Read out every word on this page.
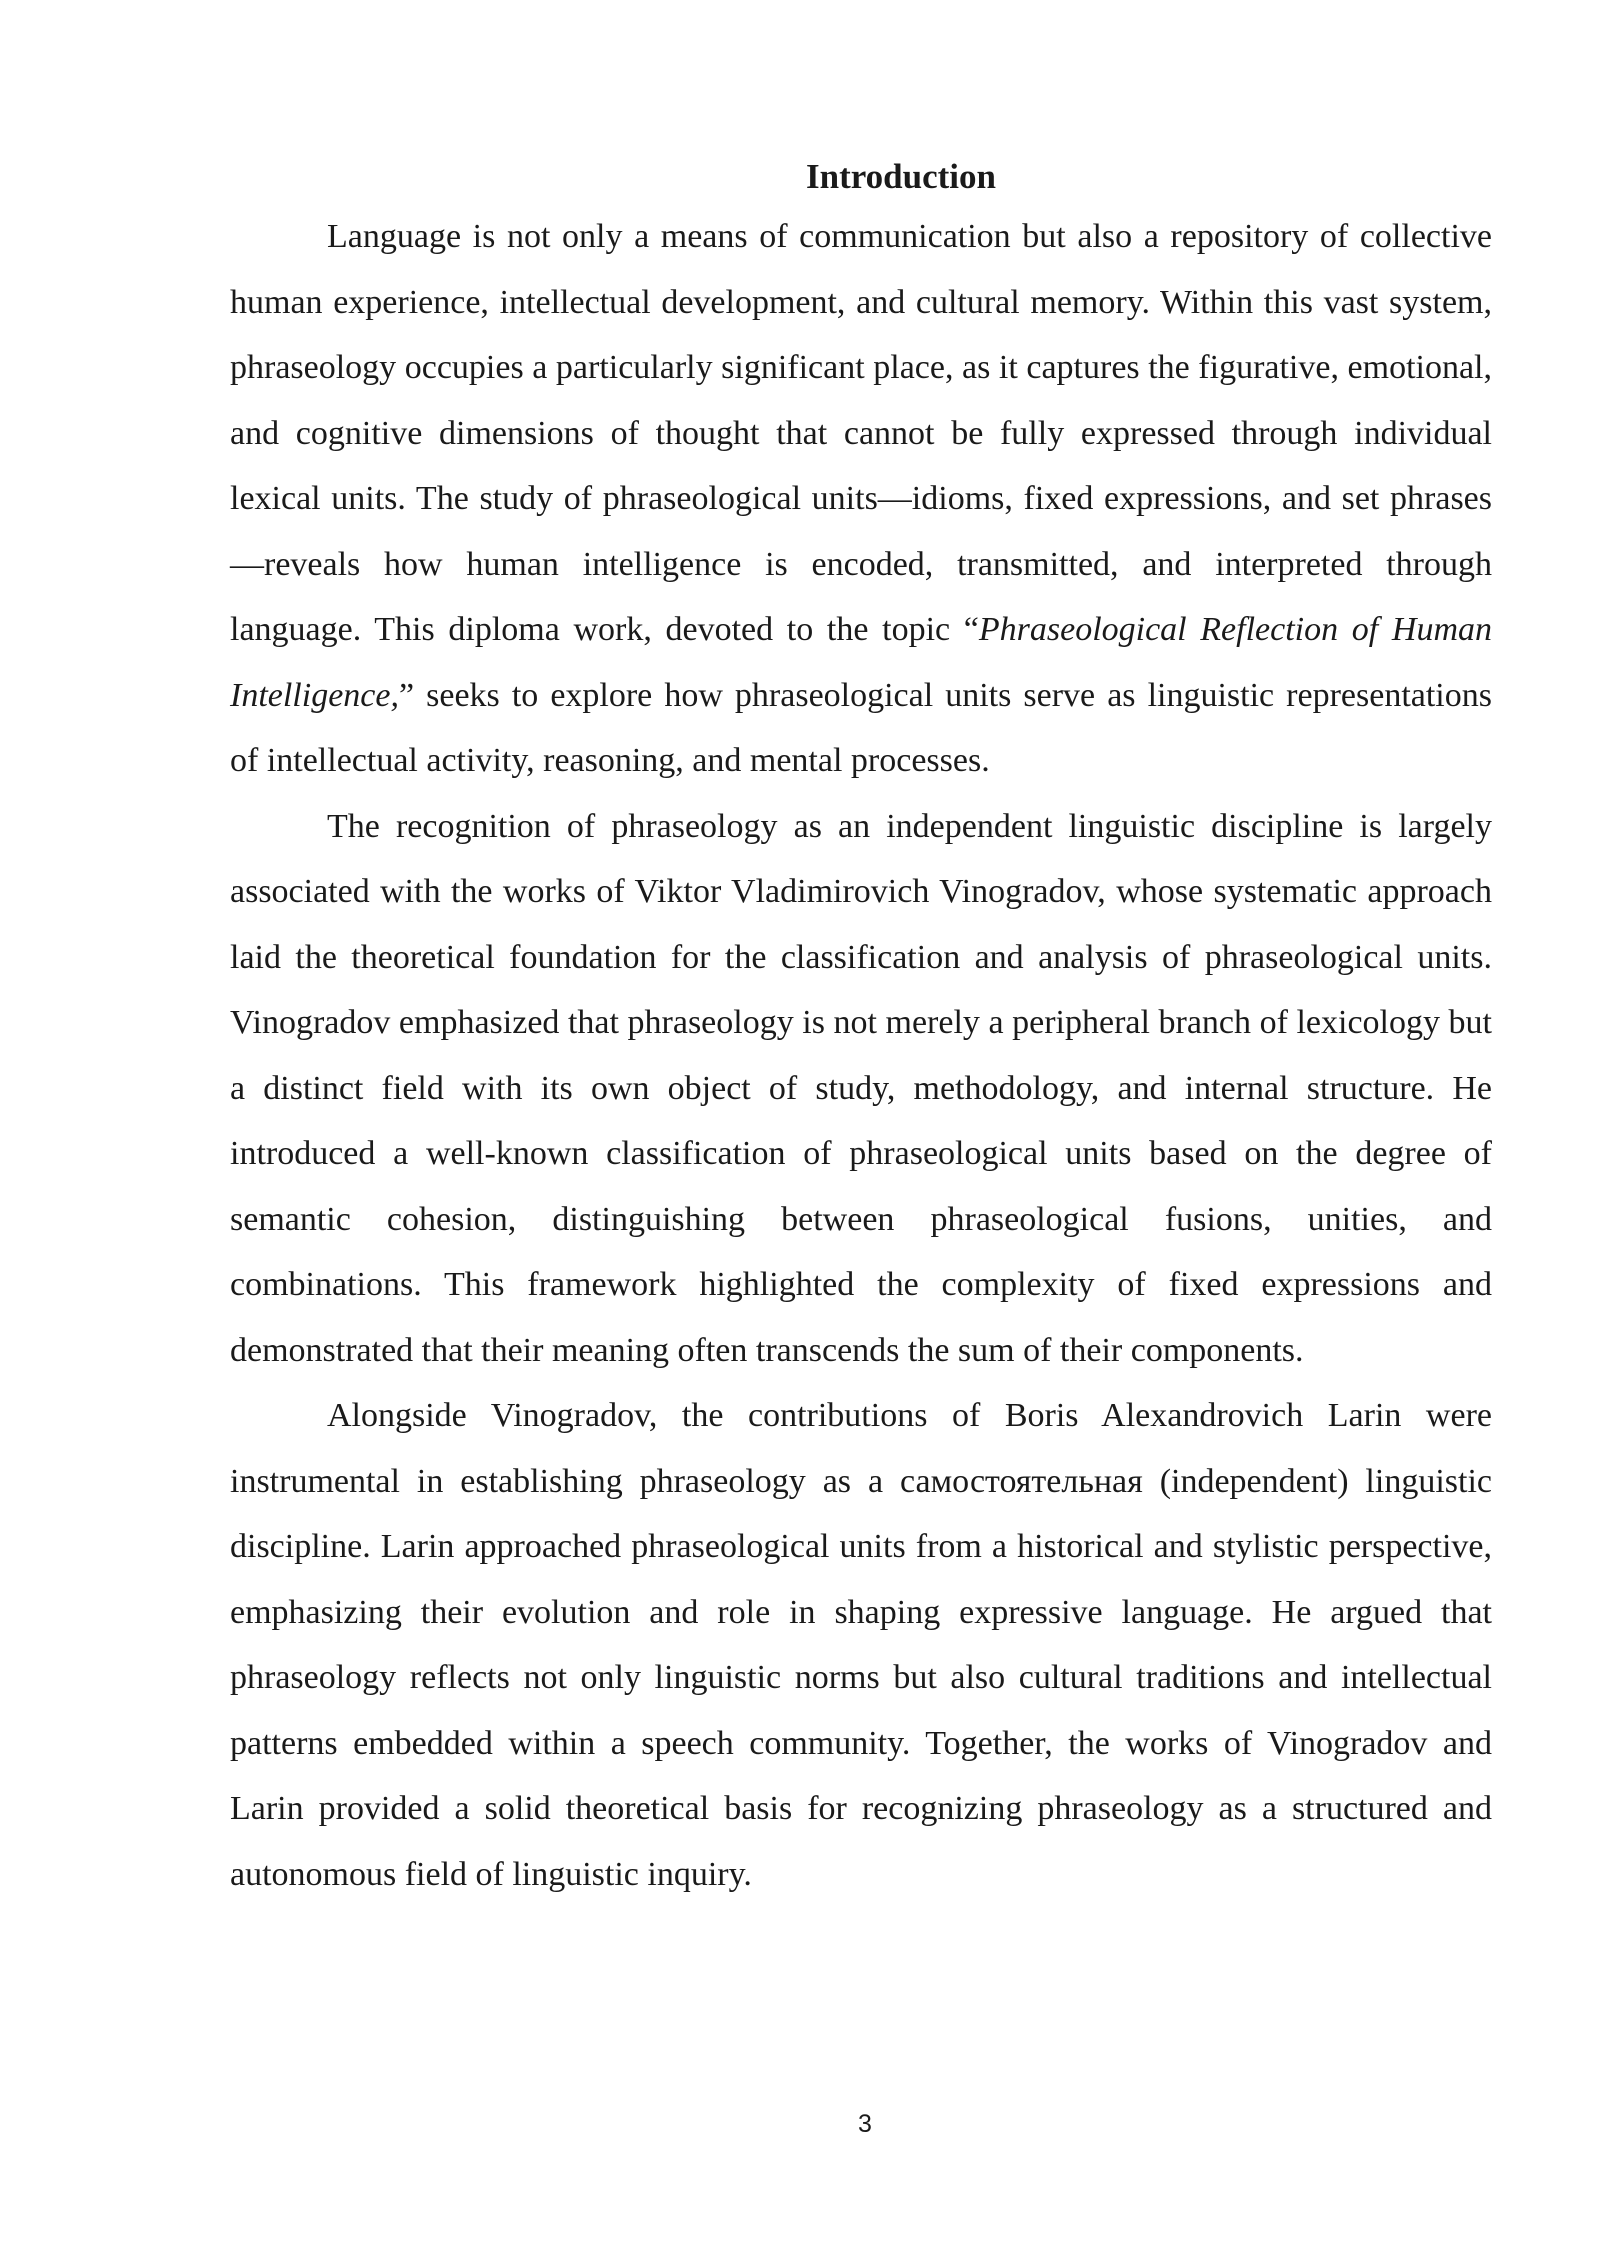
Introduction

Language is not only a means of communication but also a repository of collective human experience, intellectual development, and cultural memory. Within this vast system, phraseology occupies a particularly significant place, as it captures the figurative, emotional, and cognitive dimensions of thought that cannot be fully expressed through individual lexical units. The study of phraseological units—idioms, fixed expressions, and set phrases—reveals how human intelligence is encoded, transmitted, and interpreted through language. This diploma work, devoted to the topic “Phraseological Reflection of Human Intelligence,” seeks to explore how phraseological units serve as linguistic representations of intellectual activity, reasoning, and mental processes.

The recognition of phraseology as an independent linguistic discipline is largely associated with the works of Viktor Vladimirovich Vinogradov, whose systematic approach laid the theoretical foundation for the classification and analysis of phraseological units. Vinogradov emphasized that phraseology is not merely a peripheral branch of lexicology but a distinct field with its own object of study, methodology, and internal structure. He introduced a well-known classification of phraseological units based on the degree of semantic cohesion, distinguishing between phraseological fusions, unities, and combinations. This framework highlighted the complexity of fixed expressions and demonstrated that their meaning often transcends the sum of their components.

Alongside Vinogradov, the contributions of Boris Alexandrovich Larin were instrumental in establishing phraseology as a самостоятельная (independent) linguistic discipline. Larin approached phraseological units from a historical and stylistic perspective, emphasizing their evolution and role in shaping expressive language. He argued that phraseology reflects not only linguistic norms but also cultural traditions and intellectual patterns embedded within a speech community. Together, the works of Vinogradov and Larin provided a solid theoretical basis for recognizing phraseology as a structured and autonomous field of linguistic inquiry.

3
